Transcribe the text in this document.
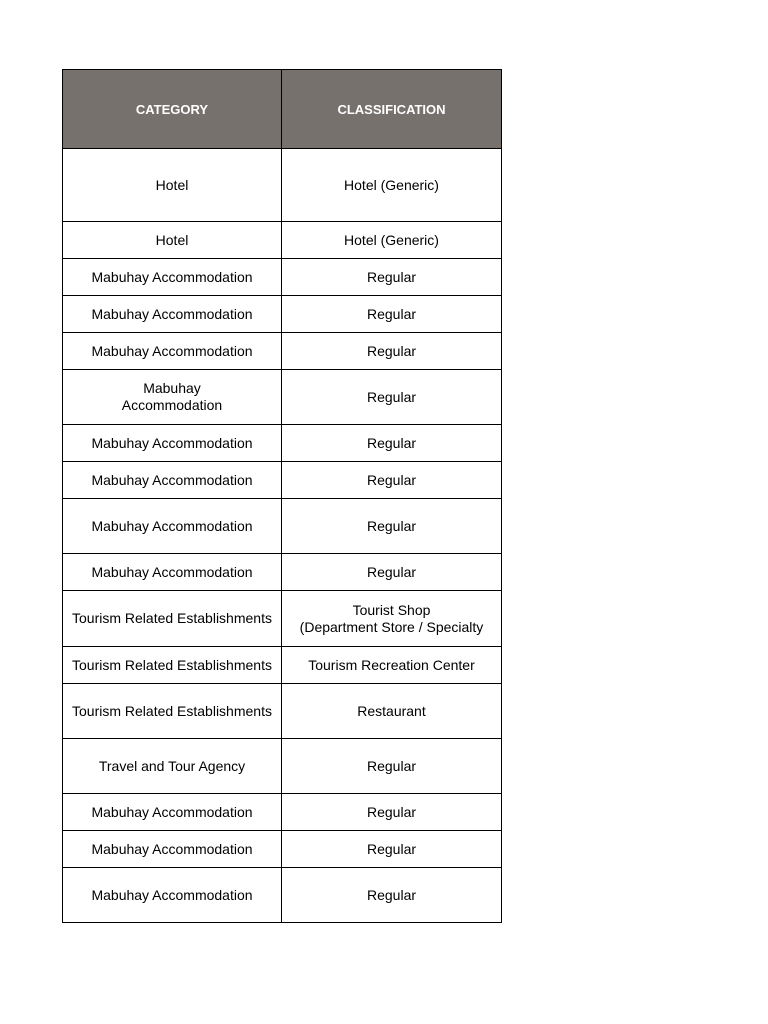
CATEGORY	CLASSIFICATION
Hotel	Hotel (Generic)
Hotel	Hotel (Generic)
Mabuhay Accommodation	Regular
Mabuhay Accommodation	Regular
Mabuhay Accommodation	Regular
Mabuhay
Accommodation	Regular
Mabuhay Accommodation	Regular
Mabuhay Accommodation	Regular
Mabuhay Accommodation	Regular
Mabuhay Accommodation	Regular
Tourism Related Establishments	Tourist Shop
(Department Store / Specialty
Tourism Related Establishments	Tourism Recreation Center
Tourism Related Establishments	Restaurant
Travel and Tour Agency	Regular
Mabuhay Accommodation	Regular
Mabuhay Accommodation	Regular
Mabuhay Accommodation	Regular
